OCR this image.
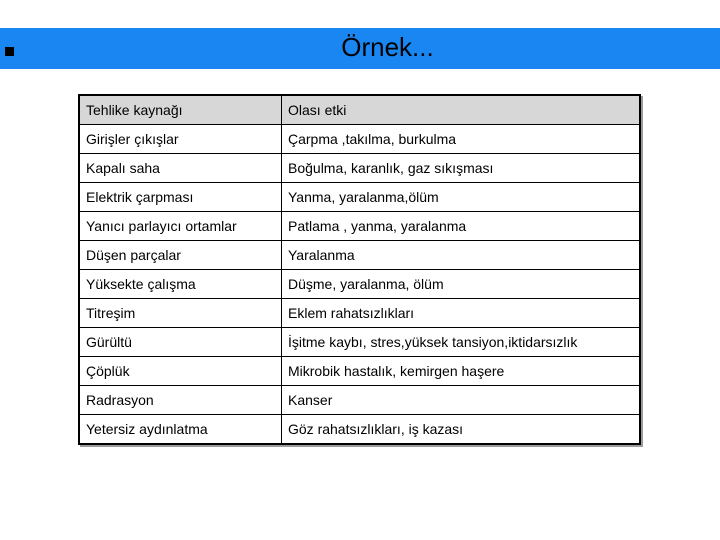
Örnek...
Tehlike kaynağı	Olası etki
Girişler çıkışlar	Çarpma ,takılma, burkulma
Kapalı saha	Boğulma, karanlık, gaz sıkışması
Elektrik çarpması	Yanma, yaralanma,ölüm
Yanıcı parlayıcı ortamlar	Patlama , yanma, yaralanma
Düşen parçalar	Yaralanma
Yüksekte çalışma	Düşme, yaralanma, ölüm
Titreşim	Eklem rahatsızlıkları
Gürültü	İşitme kaybı, stres,yüksek tansiyon,iktidarsızlık
Çöplük	Mikrobik hastalık, kemirgen haşere
Radrasyon	Kanser
Yetersiz aydınlatma	Göz rahatsızlıkları, iş kazası
